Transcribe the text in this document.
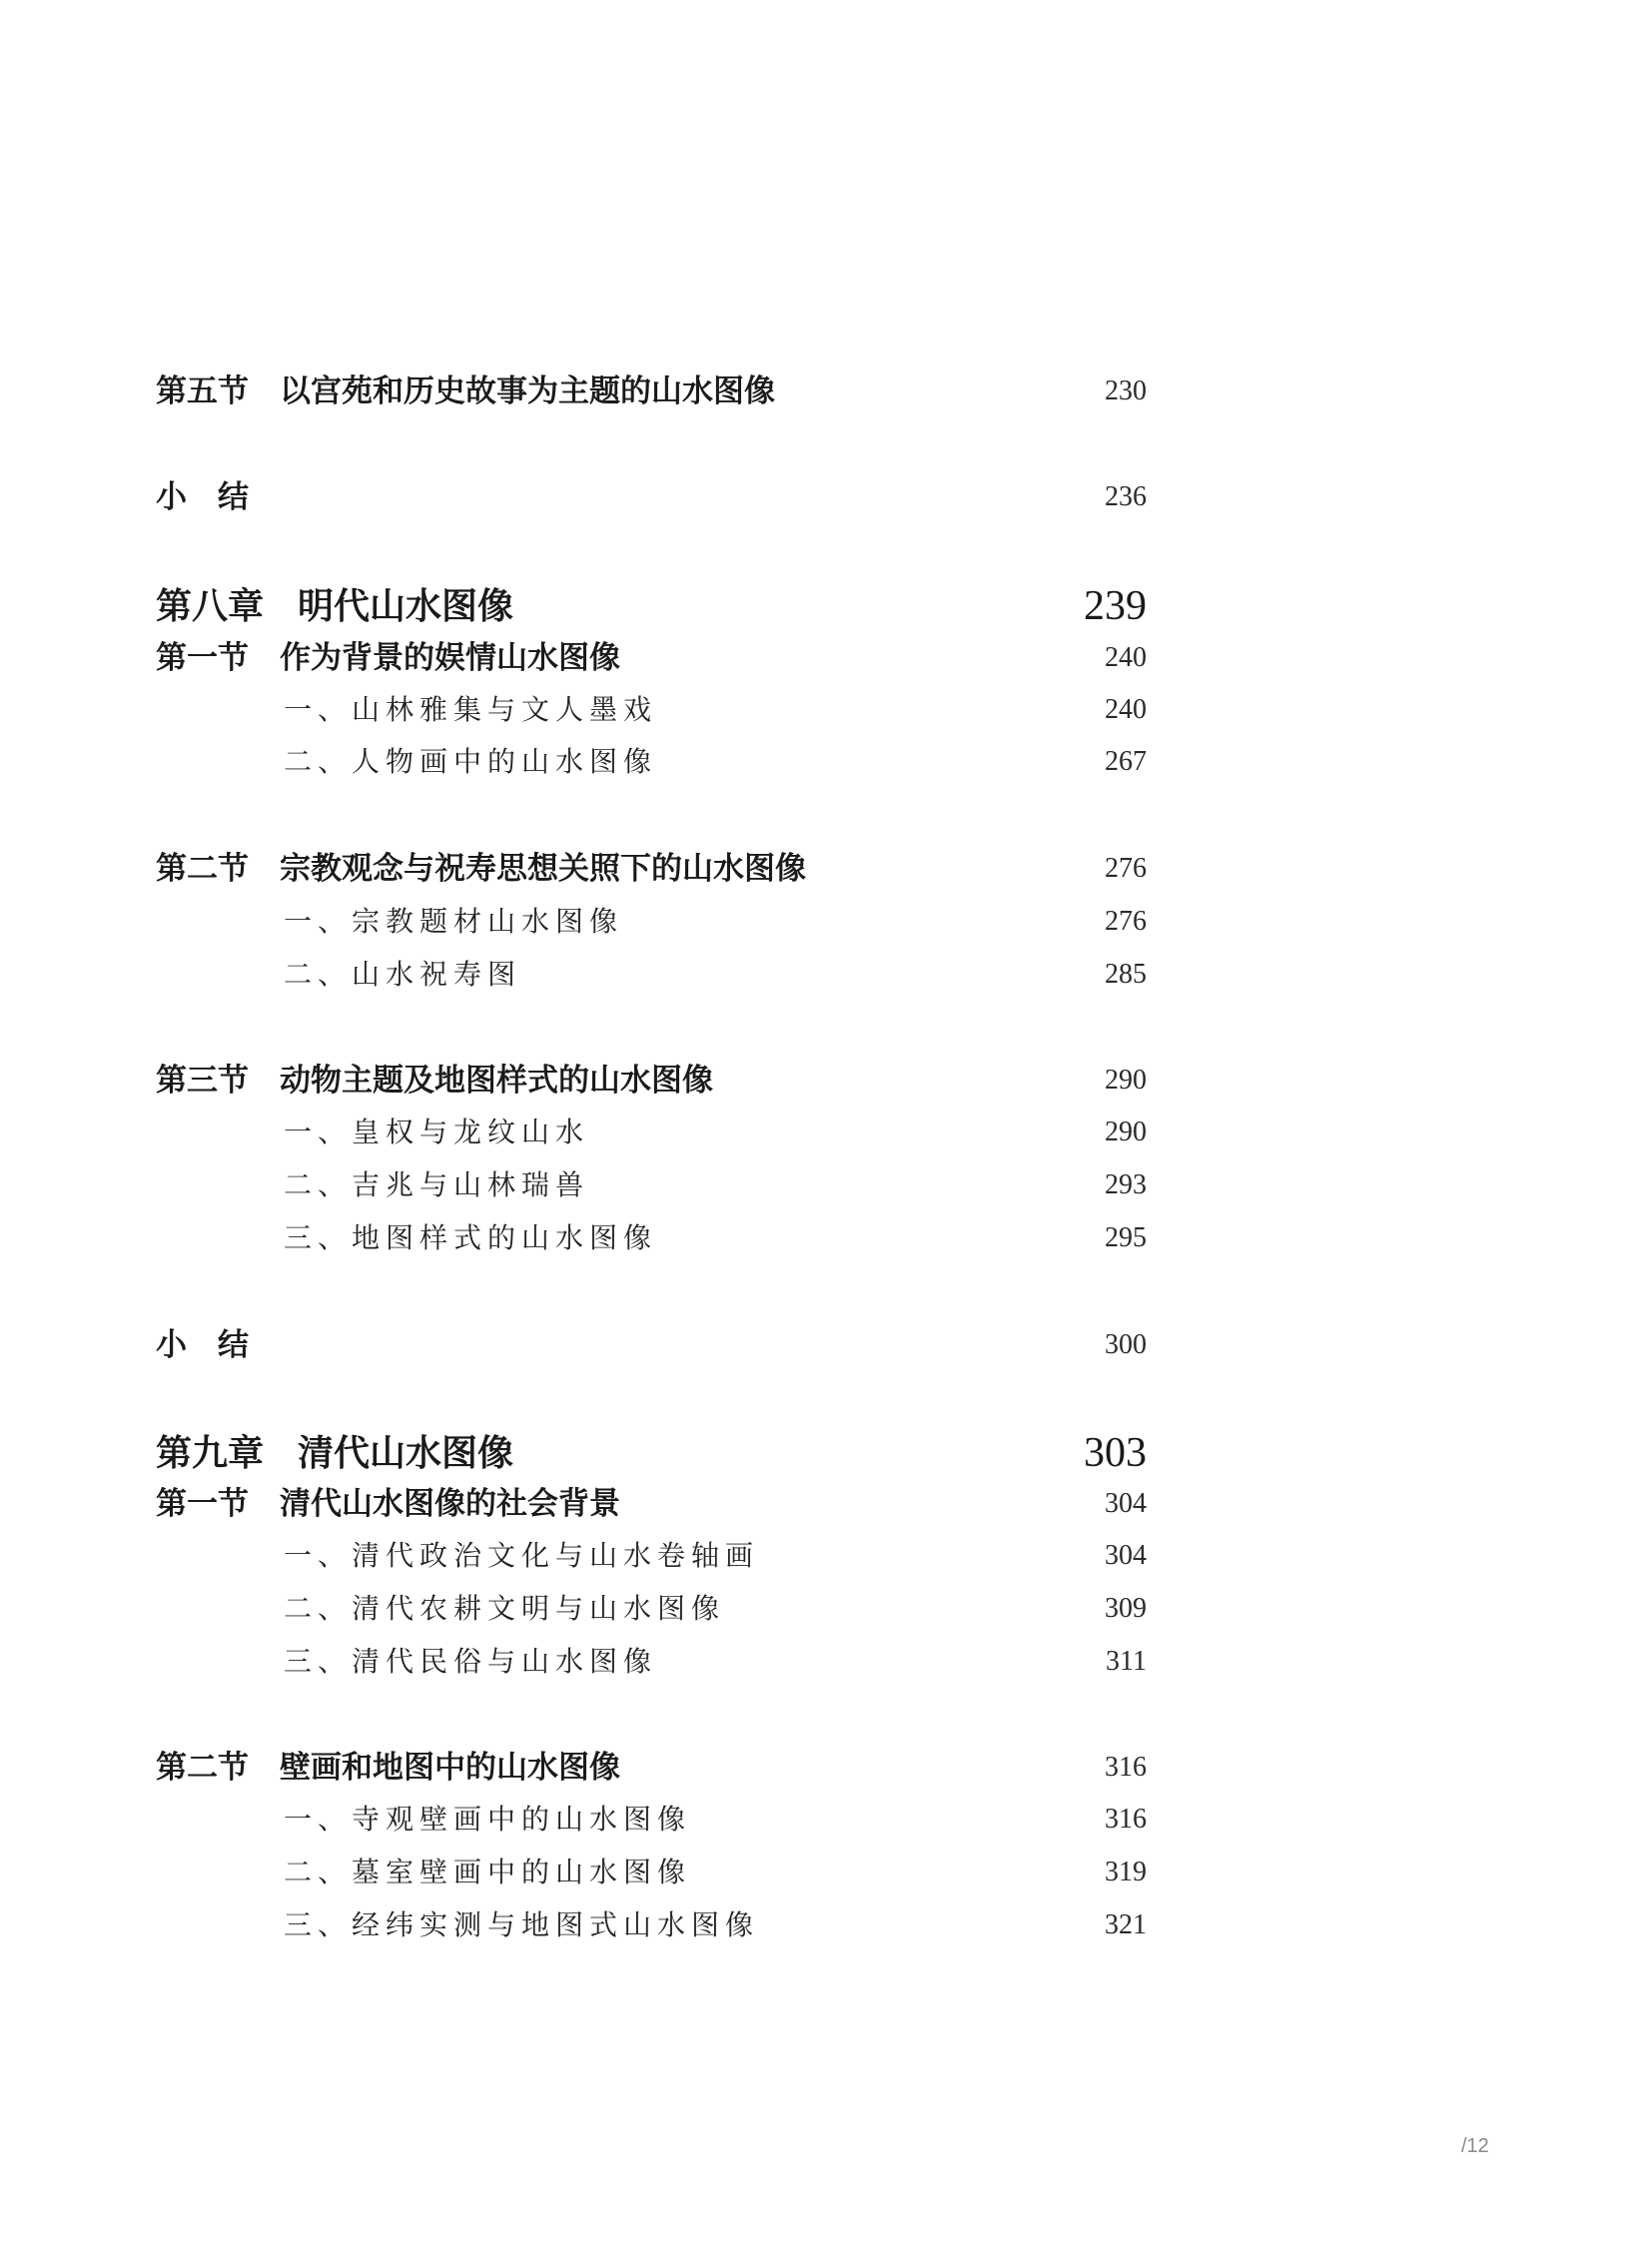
第五节 以宫苑和历史故事为主题的山水图像	230
小　结	236
第八章 明代山水图像	239
第一节 作为背景的娱情山水图像	240
一、山林雅集与文人墨戏	240
二、人物画中的山水图像	267
第二节 宗教观念与祝寿思想关照下的山水图像	276
一、宗教题材山水图像	276
二、山水祝寿图	285
第三节 动物主题及地图样式的山水图像	290
一、皇权与龙纹山水	290
二、吉兆与山林瑞兽	293
三、地图样式的山水图像	295
小　结	300
第九章 清代山水图像	303
第一节 清代山水图像的社会背景	304
一、清代政治文化与山水卷轴画	304
二、清代农耕文明与山水图像	309
三、清代民俗与山水图像	311
第二节 壁画和地图中的山水图像	316
一、寺观壁画中的山水图像	316
二、墓室壁画中的山水图像	319
三、经纬实测与地图式山水图像	321
/12
